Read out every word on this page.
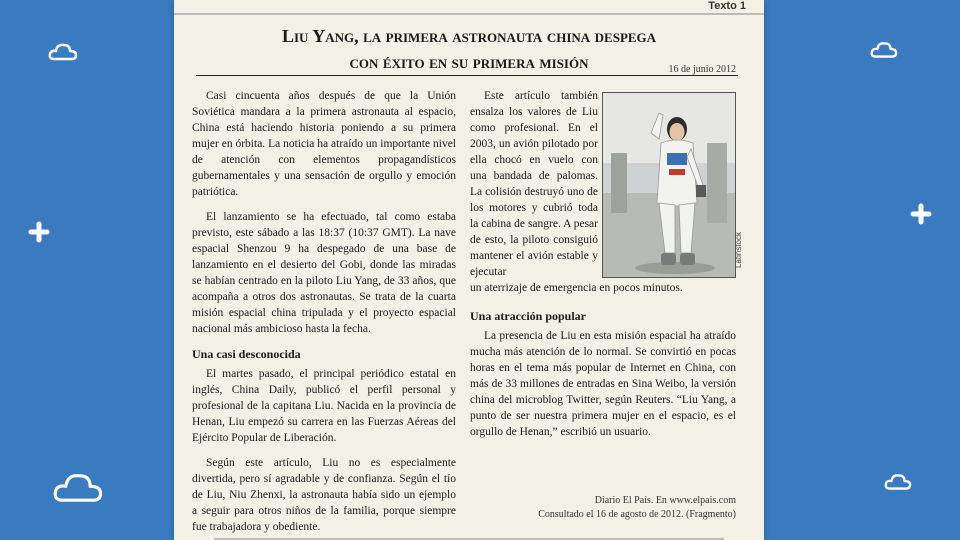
Texto 1
Liu Yang, la primera astronauta china despega
con éxito en su primera misión	16 de junio 2012

Casi cincuenta años después de que la Unión Soviética mandara a la primera astronauta al espacio, China está haciendo historia poniendo a su primera mujer en órbita. La noticia ha atraído un importante nivel de atención con elementos propagandísticos gubernamentales y una sensación de orgullo y emoción patriótica.

El lanzamiento se ha efectuado, tal como estaba previsto, este sábado a las 18:37 (10:37 GMT). La nave espacial Shenzou 9 ha despegado de una base de lanzamiento en el desierto del Gobi, donde las miradas se habían centrado en la piloto Liu Yang, de 33 años, que acompaña a otros dos astronautas. Se trata de la cuarta misión espacial china tripulada y el proyecto espacial nacional más ambicioso hasta la fecha.

Una casi desconocida

El martes pasado, el principal periódico estatal en inglés, China Daily, publicó el perfil personal y profesional de la capitana Liu. Nacida en la provincia de Henan, Liu empezó su carrera en las Fuerzas Aéreas del Ejército Popular de Liberación.

Según este artículo, Liu no es especialmente divertida, pero sí agradable y de confianza. Según el tío de Liu, Niu Zhenxi, la astronauta había sido un ejemplo a seguir para otros niños de la familia, porque siempre fue trabajadora y obediente.

Este artículo también ensalza los valores de Liu como profesional. En el 2003, un avión pilotado por ella chocó en vuelo con una bandada de palomas. La colisión destruyó uno de los motores y cubrió toda la cabina de sangre. A pesar de esto, la piloto consiguió mantener el avión estable y ejecutar

Latinstock

un aterrizaje de emergencia en pocos minutos.

Una atracción popular

La presencia de Liu en esta misión espacial ha atraído mucha más atención de lo normal. Se convirtió en pocas horas en el tema más popular de Internet en China, con más de 33 millones de entradas en Sina Weibo, la versión china del microblog Twitter, según Reuters. “Liu Yang, a punto de ser nuestra primera mujer en el espacio, es el orgullo de Henan,” escribió un usuario.

Diario El País. En www.elpais.com
Consultado el 16 de agosto de 2012. (Fragmento)
